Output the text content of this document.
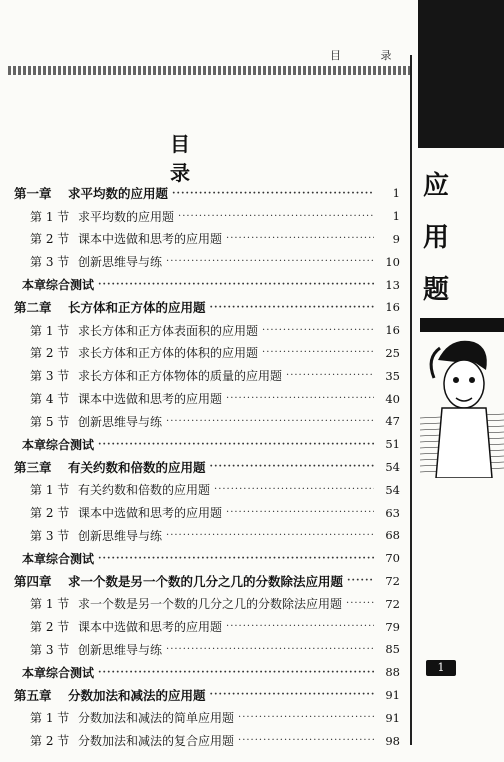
目 录
应
用
题
1
目 录
第一章 求平均数的应用题 ·····	1
第 1 节 求平均数的应用题 ·····	1
第 2 节 课本中选做和思考的应用题 ·····	9
第 3 节 创新思维导与练 ·····	10
本章综合测试 ·····	13
第二章 长方体和正方体的应用题 ·····	16
第 1 节 求长方体和正方体表面积的应用题 ·····	16
第 2 节 求长方体和正方体的体积的应用题 ·····	25
第 3 节 求长方体和正方体物体的质量的应用题 ·····	35
第 4 节 课本中选做和思考的应用题 ·····	40
第 5 节 创新思维导与练 ·····	47
本章综合测试 ·····	51
第三章 有关约数和倍数的应用题 ·····	54
第 1 节 有关约数和倍数的应用题 ·····	54
第 2 节 课本中选做和思考的应用题 ·····	63
第 3 节 创新思维导与练 ·····	68
本章综合测试 ·····	70
第四章 求一个数是另一个数的几分之几的分数除法应用题 ·····	72
第 1 节 求一个数是另一个数的几分之几的分数除法应用题 ·····	72
第 2 节 课本中选做和思考的应用题 ·····	79
第 3 节 创新思维导与练 ·····	85
本章综合测试 ·····	88
第五章 分数加法和减法的应用题 ·····	91
第 1 节 分数加法和减法的简单应用题 ·····	91
第 2 节 分数加法和减法的复合应用题 ·····	98
